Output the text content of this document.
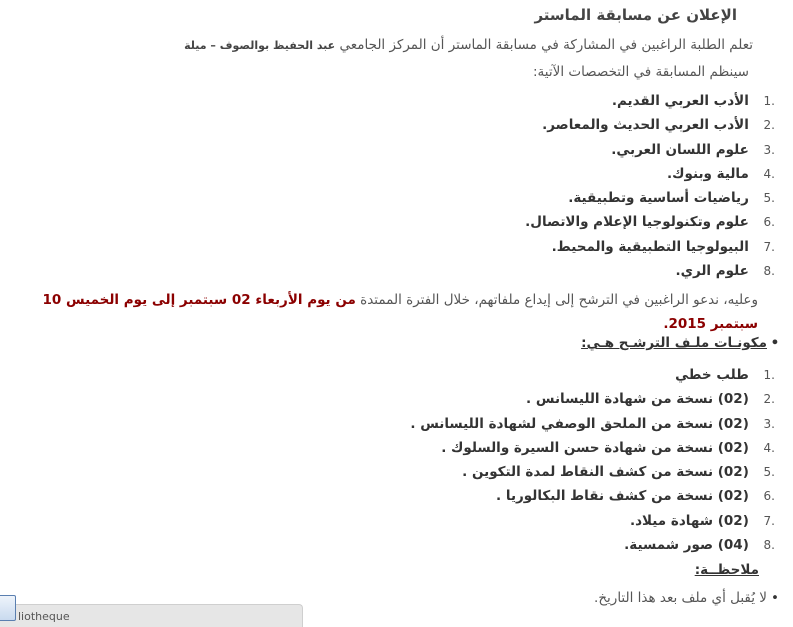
الإعلان عن مسابقة الماستر
تعلم الطلبة الراغبين في المشاركة في مسابقة الماستر أن المركز الجامعي عبد الحفيظ بوالصوف – ميلة
سينظم المسابقة في التخصصات الآتية:
1. الأدب العربي القديم.
2. الأدب العربي الحديث والمعاصر.
3. علوم اللسان العربي.
4. مالية وبنوك.
5. رياضيات أساسية وتطبيقية.
6. علوم وتكنولوجيا الإعلام والاتصال.
7. البيولوجيا التطبيقية والمحيط.
8. علوم الري.
وعليه، ندعو الراغبين في الترشح إلى إيداع ملفاتهم، خلال الفترة الممتدة من يوم الأربعاء 02 سبتمبر إلى يوم الخميس 10 سبتمبر 2015.
•مكونـات ملـف الترشـح هـي:
1. طلب خطي
2. (02) نسخة من شهادة الليسانس .
3. (02) نسخة من الملحق الوصفي لشهادة الليسانس .
4. (02) نسخة من شهادة حسن السيرة والسلوك .
5. (02) نسخة من كشف النقاط لمدة التكوين .
6. (02) نسخة من كشف نقاط البكالوريا .
7. (02) شهادة ميلاد.
8. (04) صور شمسية.
ملاحظــة:
•لا يُقبل أي ملف بعد هذا التاريخ.
liotheque
